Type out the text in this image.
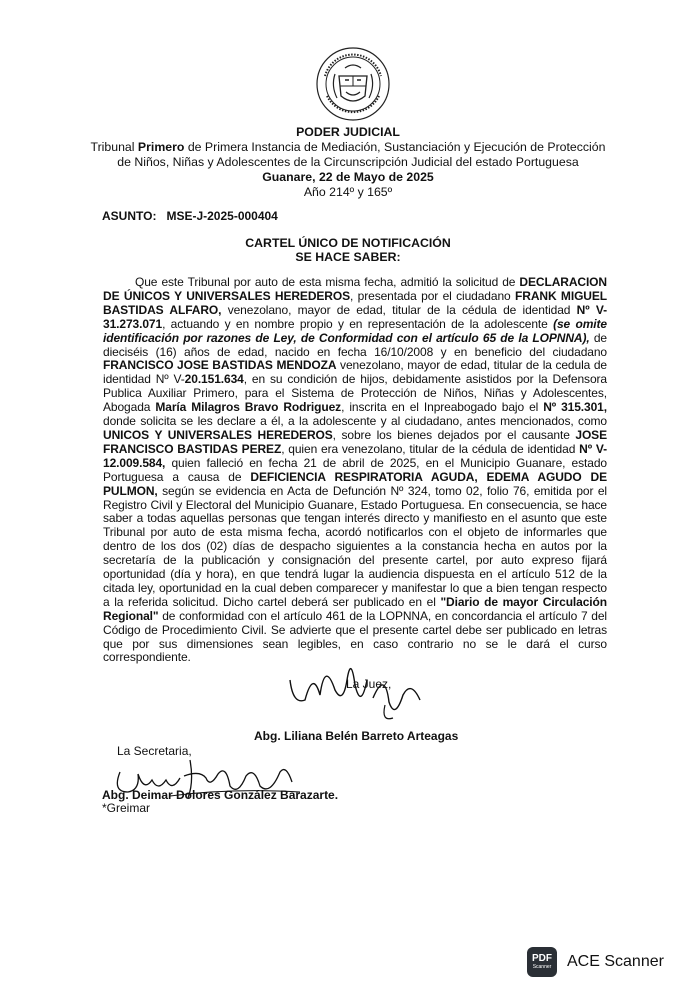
PODER JUDICIAL
Tribunal Primero de Primera Instancia de Mediación, Sustanciación y Ejecución de Protección
de Niños, Niñas y Adolescentes de la Circunscripción Judicial del estado Portuguesa
Guanare, 22 de Mayo de 2025
Año 214º y 165º
ASUNTO: MSE-J-2025-000404
CARTEL ÚNICO DE NOTIFICACIÓN
SE HACE SABER:
Que este Tribunal por auto de esta misma fecha, admitió la solicitud de DECLARACION DE ÚNICOS Y UNIVERSALES HEREDEROS, presentada por el ciudadano FRANK MIGUEL BASTIDAS ALFARO, venezolano, mayor de edad, titular de la cédula de identidad Nº V-31.273.071, actuando y en nombre propio y en representación de la adolescente (se omite identificación por razones de Ley, de Conformidad con el artículo 65 de la LOPNNA), de dieciséis (16) años de edad, nacido en fecha 16/10/2008 y en beneficio del ciudadano FRANCISCO JOSE BASTIDAS MENDOZA venezolano, mayor de edad, titular de la cedula de identidad Nº V-20.151.634, en su condición de hijos, debidamente asistidos por la Defensora Publica Auxiliar Primero, para el Sistema de Protección de Niños, Niñas y Adolescentes, Abogada María Milagros Bravo Rodriguez, inscrita en el Inpreabogado bajo el Nº 315.301, donde solicita se les declare a él, a la adolescente y al ciudadano, antes mencionados, como UNICOS Y UNIVERSALES HEREDEROS, sobre los bienes dejados por el causante JOSE FRANCISCO BASTIDAS PEREZ, quien era venezolano, titular de la cédula de identidad Nº V-12.009.584, quien falleció en fecha 21 de abril de 2025, en el Municipio Guanare, estado Portuguesa a causa de DEFICIENCIA RESPIRATORIA AGUDA, EDEMA AGUDO DE PULMON, según se evidencia en Acta de Defunción Nº 324, tomo 02, folio 76, emitida por el Registro Civil y Electoral del Municipio Guanare, Estado Portuguesa. En consecuencia, se hace saber a todas aquellas personas que tengan interés directo y manifiesto en el asunto que este Tribunal por auto de esta misma fecha, acordó notificarlos con el objeto de informarles que dentro de los dos (02) días de despacho siguientes a la constancia hecha en autos por la secretaría de la publicación y consignación del presente cartel, por auto expreso fijará oportunidad (día y hora), en que tendrá lugar la audiencia dispuesta en el artículo 512 de la citada ley, oportunidad en la cual deben comparecer y manifestar lo que a bien tengan respecto a la referida solicitud. Dicho cartel deberá ser publicado en el "Diario de mayor Circulación Regional" de conformidad con el artículo 461 de la LOPNNA, en concordancia el artículo 7 del Código de Procedimiento Civil. Se advierte que el presente cartel debe ser publicado en letras que por sus dimensiones sean legibles, en caso contrario no se le dará el curso correspondiente.
La Juez,
Abg. Liliana Belén Barreto Arteagas
La Secretaria,
Abg. Deimar Dolores González Barazarte.
*Greimar
PDF
Scanner ACE Scanner
